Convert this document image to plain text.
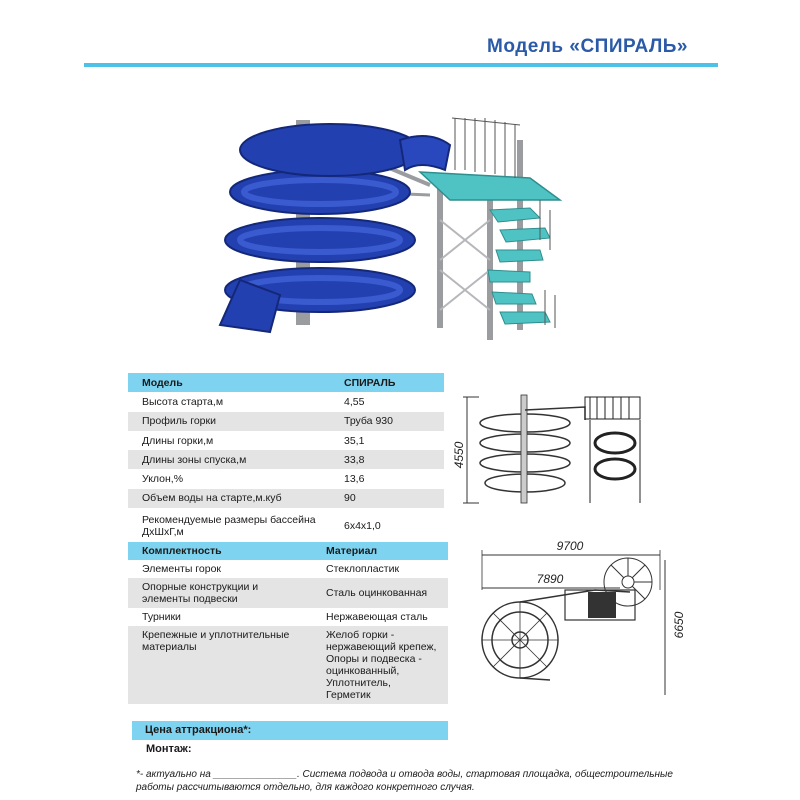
Модель «СПИРАЛЬ»
Модель	СПИРАЛЬ
Высота старта,м	4,55
Профиль горки	Труба 930
Длины горки,м	35,1
Длины зоны спуска,м	33,8
Уклон,%	13,6
Объем воды на старте,м.куб	90
Рекомендуемые размеры бассейна ДхШхГ,м	6х4х1,0
Комплектность	Материал
Элементы горок	Стеклопластик
Опорные конструкции и элементы подвески	Сталь оцинкованная
Турники	Нержавеющая сталь
Крепежные и уплотнительные материалы	Желоб горки - нержавеющий крепеж, Опоры и подвеска - оцинкованный, Уплотнитель, Герметик
Цена аттракциона*:
Монтаж:
*- актуально на _______________. Система подвода и отвода воды, стартовая площадка, общестроительные работы рассчитываются отдельно, для каждого конкретного случая.
4550
9700
7890
6650
